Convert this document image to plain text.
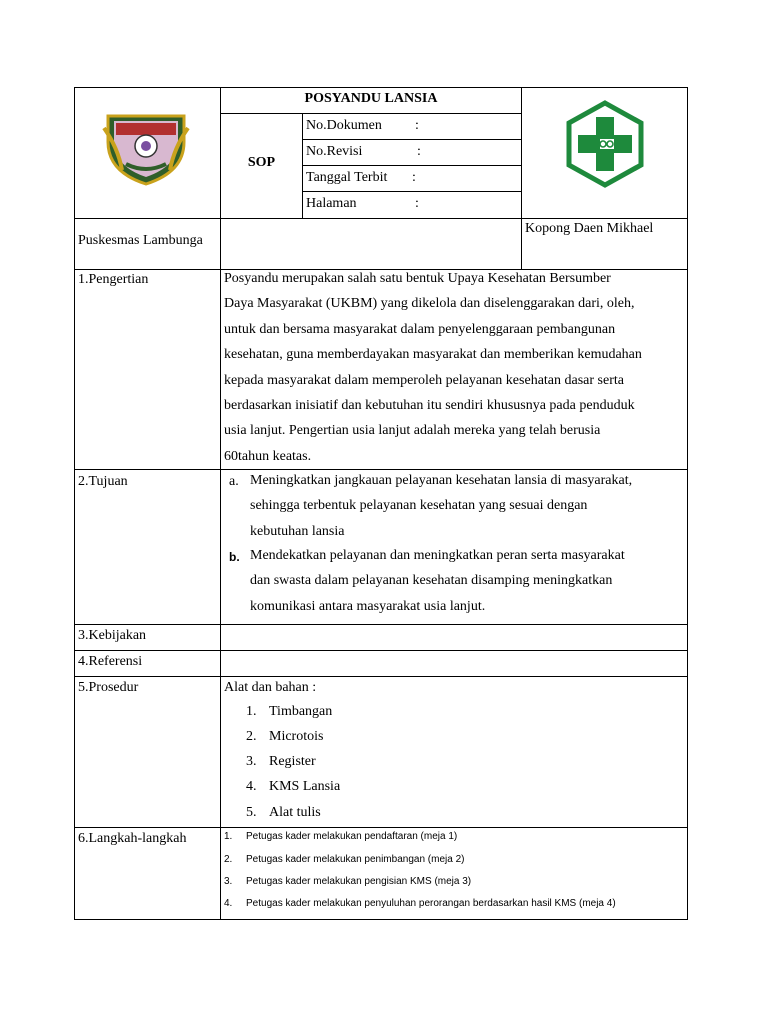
POSYANDU LANSIA
SOP
No.Dokumen :
No.Revisi	:
Tanggal Terbit :
Halaman	:
Puskesmas Lambunga
Kopong Daen Mikhael
1.Pengertian	Posyandu merupakan salah satu bentuk Upaya Kesehatan Bersumber
Daya Masyarakat (UKBM) yang dikelola dan diselenggarakan dari, oleh,
untuk dan bersama masyarakat dalam penyelenggaraan pembangunan
kesehatan, guna memberdayakan masyarakat dan memberikan kemudahan
kepada masyarakat dalam memperoleh pelayanan kesehatan dasar serta
berdasarkan inisiatif dan kebutuhan itu sendiri khususnya pada penduduk
usia lanjut. Pengertian usia lanjut adalah mereka yang telah berusia
60tahun keatas.
2.Tujuan	a. Meningkatkan jangkauan pelayanan kesehatan lansia di masyarakat,
sehingga terbentuk pelayanan kesehatan yang sesuai dengan
kebutuhan lansia
b. Mendekatkan pelayanan dan meningkatkan peran serta masyarakat
dan swasta dalam pelayanan kesehatan disamping meningkatkan
komunikasi antara masyarakat usia lanjut.
3.Kebijakan
4.Referensi
5.Prosedur	Alat dan bahan :
1. Timbangan
2. Microtois
3. Register
4. KMS Lansia
5. Alat tulis
6.Langkah-langkah	1. Petugas kader melakukan pendaftaran (meja 1)
2. Petugas kader melakukan penimbangan (meja 2)
3. Petugas kader melakukan pengisian KMS (meja 3)
4. Petugas kader melakukan penyuluhan perorangan berdasarkan hasil KMS (meja 4)
